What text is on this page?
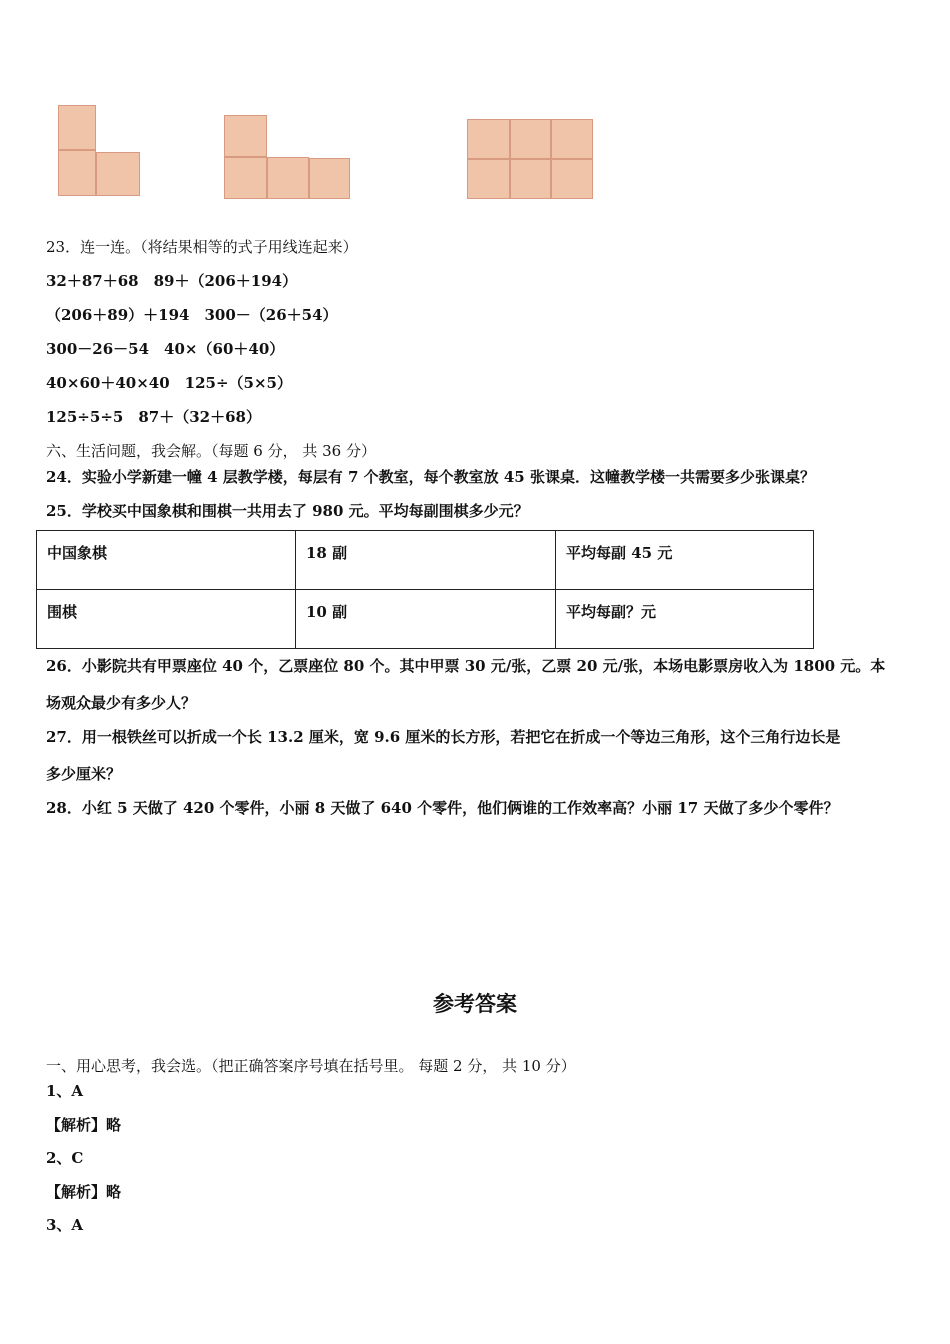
23．连一连。（将结果相等的式子用线连起来）
32＋87＋68　89＋（206＋194）
（206＋89）＋194　300－（26＋54）
300－26－54　40×（60＋40）
40×60＋40×40　125÷（5×5）
125÷5÷5　87＋（32＋68）
六、生活问题，我会解。（每题 6 分， 共 36 分）
24．实验小学新建一幢 4 层教学楼，每层有 7 个教室，每个教室放 45 张课桌．这幢教学楼一共需要多少张课桌？
25．学校买中国象棋和围棋一共用去了 980 元。平均每副围棋多少元？
中国象棋	18 副	平均每副 45 元
围棋	10 副	平均每副？元
26．小影院共有甲票座位 40 个，乙票座位 80 个。其中甲票 30 元/张，乙票 20 元/张，本场电影票房收入为 1800 元。本
场观众最少有多少人？
27．用一根铁丝可以折成一个长 13.2 厘米，宽 9.6 厘米的长方形，若把它在折成一个等边三角形，这个三角行边长是
多少厘米？
28．小红 5 天做了 420 个零件，小丽 8 天做了 640 个零件，他们俩谁的工作效率高？小丽 17 天做了多少个零件？
参考答案
一、用心思考，我会选。（把正确答案序号填在括号里。 每题 2 分， 共 10 分）
1、A
【解析】略
2、C
【解析】略
3、A
